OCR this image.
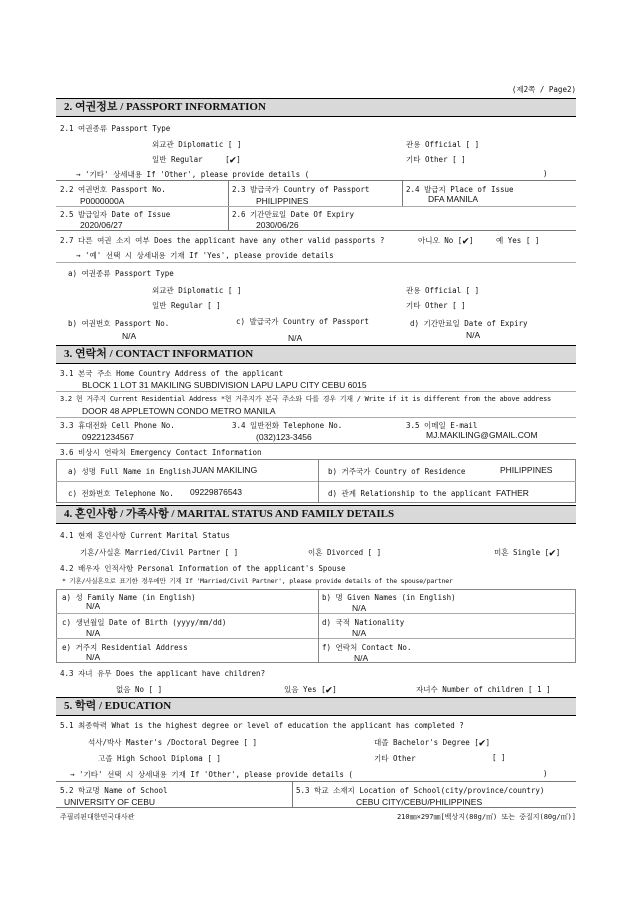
(제2쪽 / Page2)
2. 여권정보 / PASSPORT INFORMATION
2.1 여권종류 Passport Type
외교관 Diplomatic [ ]	관용 Official [ ]
일반 Regular	[✔]	기타 Other [ ]
→ '기타' 상세내용 If 'Other', please provide details (	)
2.2 여권번호 Passport No.
P0000000A
2.3 발급국가 Country of Passport
PHILIPPINES
2.4 발급지 Place of Issue
DFA MANILA
2.5 발급일자 Date of Issue
2020/06/27
2.6 기간만료일 Date Of Expiry
2030/06/26
2.7 다른 여권 소지 여부 Does the applicant have any other valid passports ?	아니오 No [✔]	예 Yes [ ]
→ '예' 선택 시 상세내용 기재 If 'Yes', please provide details
a) 여권종류 Passport Type
외교관 Diplomatic [ ]	관용 Official [ ]
일반 Regular [ ]	기타 Other [ ]
b) 여권번호 Passport No.
N/A
c) 발급국가 Country of Passport
N/A
d) 기간만료일 Date of Expiry
N/A
3. 연락처 / CONTACT INFORMATION
3.1 본국 주소 Home Country Address of the applicant
BLOCK 1 LOT 31 MAKILING SUBDIVISION LAPU LAPU CITY CEBU 6015
3.2 현 거주지 Current Residential Address *현 거주지가 본국 주소와 다를 경우 기재 / Write if it is different from the above address
DOOR 48 APPLETOWN CONDO METRO MANILA
3.3 휴대전화 Cell Phone No.
09221234567
3.4 일반전화 Telephone No.
(032)123-3456
3.5 이메일 E-mail
MJ.MAKILING@GMAIL.COM
3.6 비상시 연락처 Emergency Contact Information
a) 성명 Full Name in English JUAN MAKILING	b) 거주국가 Country of Residence	PHILIPPINES
c) 전화번호 Telephone No. 09229876543	d) 관계 Relationship to the applicant FATHER
4. 혼인사항 / 가족사항 / MARITAL STATUS AND FAMILY DETAILS
4.1 현재 혼인사항 Current Marital Status
기혼/사실혼 Married/Civil Partner [ ]	이혼 Divorced [ ]	미혼 Single [✔]
4.2 배우자 인적사항 Personal Information of the applicant's Spouse
* 기혼/사실혼으로 표기한 경우에만 기재 If 'Married/Civil Partner', please provide details of the spouse/partner
a) 성 Family Name (in English)
N/A
b) 명 Given Names (in English)
N/A
c) 생년월일 Date of Birth (yyyy/mm/dd)
N/A
d) 국적 Nationality
N/A
e) 거주지 Residential Address
N/A
f) 연락처 Contact No.
N/A
4.3 자녀 유무 Does the applicant have children?
없음 No [ ]	있음 Yes [✔]	자녀수 Number of children [ 1 ]
5. 학력 / EDUCATION
5.1 최종학력 What is the highest degree or level of education the applicant has completed ?
석사/박사 Master's /Doctoral Degree [ ]	대졸 Bachelor's Degree [✔]
고졸 High School Diploma [ ]	기타 Other	[ ]
→ '기타' 선택 시 상세내용 기재 If 'Other', please provide details (	)
5.2 학교명 Name of School
UNIVERSITY OF CEBU
5.3 학교 소재지 Location of School(city/province/country)
CEBU CITY/CEBU/PHILIPPINES
주필리핀대한민국대사관	210㎜×297㎜[백상지(80g/㎡) 또는 중질지(80g/㎡)]
